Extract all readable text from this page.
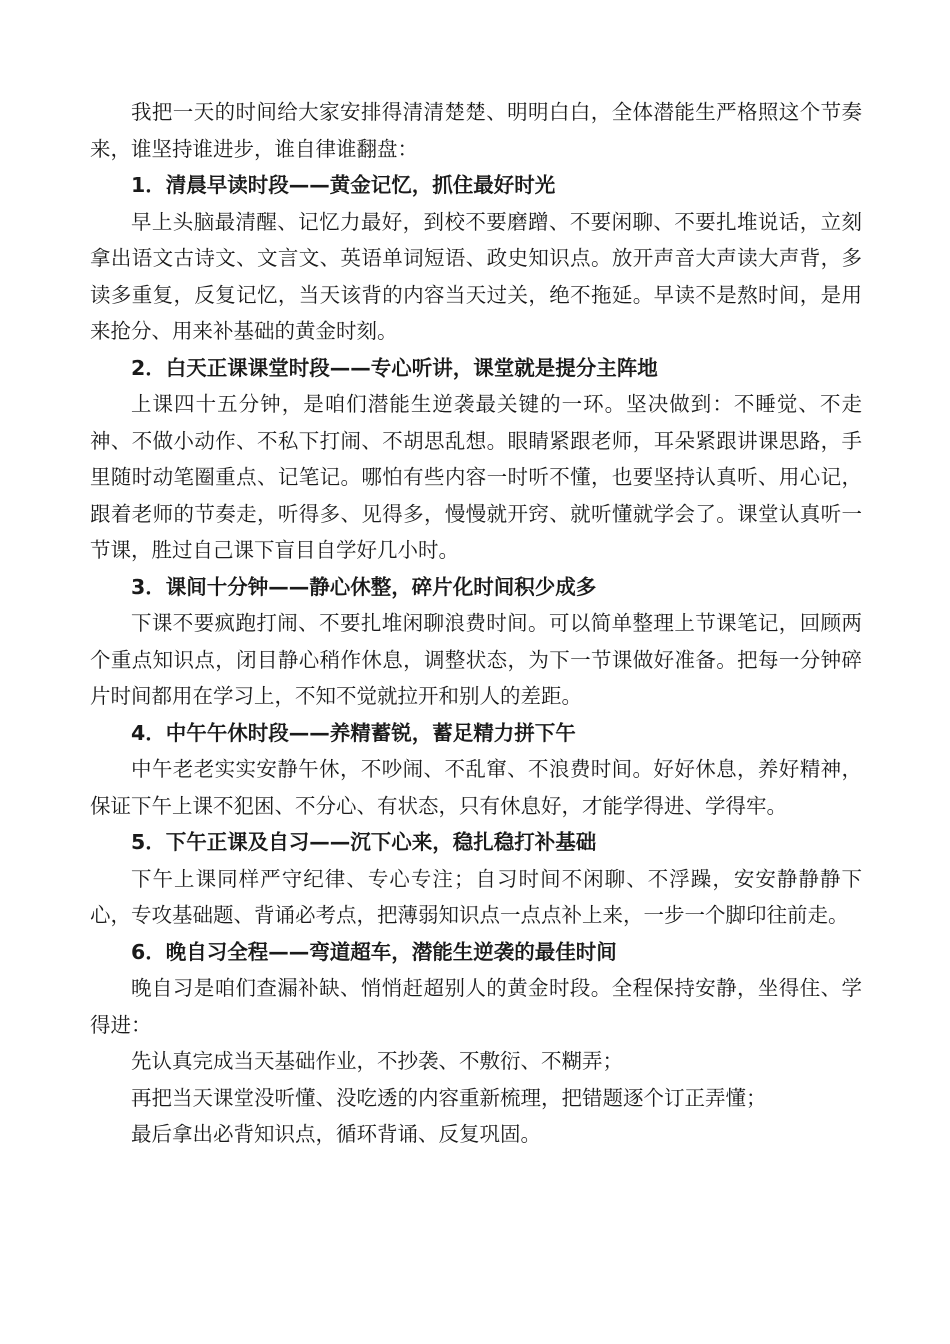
我把一天的时间给大家安排得清清楚楚、明明白白，全体潜能生严格照这个节奏来，谁坚持谁进步，谁自律谁翻盘：

1．清晨早读时段——黄金记忆，抓住最好时光

早上头脑最清醒、记忆力最好，到校不要磨蹭、不要闲聊、不要扎堆说话，立刻拿出语文古诗文、文言文、英语单词短语、政史知识点。放开声音大声读大声背，多读多重复，反复记忆，当天该背的内容当天过关，绝不拖延。早读不是熬时间，是用来抢分、用来补基础的黄金时刻。

2．白天正课课堂时段——专心听讲，课堂就是提分主阵地

上课四十五分钟，是咱们潜能生逆袭最关键的一环。坚决做到：不睡觉、不走神、不做小动作、不私下打闹、不胡思乱想。眼睛紧跟老师，耳朵紧跟讲课思路，手里随时动笔圈重点、记笔记。哪怕有些内容一时听不懂，也要坚持认真听、用心记，跟着老师的节奏走，听得多、见得多，慢慢就开窍、就听懂就学会了。课堂认真听一节课，胜过自己课下盲目自学好几小时。

3．课间十分钟——静心休整，碎片化时间积少成多

下课不要疯跑打闹、不要扎堆闲聊浪费时间。可以简单整理上节课笔记，回顾两个重点知识点，闭目静心稍作休息，调整状态，为下一节课做好准备。把每一分钟碎片时间都用在学习上，不知不觉就拉开和别人的差距。

4．中午午休时段——养精蓄锐，蓄足精力拼下午

中午老老实实安静午休，不吵闹、不乱窜、不浪费时间。好好休息，养好精神，保证下午上课不犯困、不分心、有状态，只有休息好，才能学得进、学得牢。

5．下午正课及自习——沉下心来，稳扎稳打补基础

下午上课同样严守纪律、专心专注；自习时间不闲聊、不浮躁，安安静静静下心，专攻基础题、背诵必考点，把薄弱知识点一点点补上来，一步一个脚印往前走。

6．晚自习全程——弯道超车，潜能生逆袭的最佳时间

晚自习是咱们查漏补缺、悄悄赶超别人的黄金时段。全程保持安静，坐得住、学得进：

先认真完成当天基础作业，不抄袭、不敷衍、不糊弄；

再把当天课堂没听懂、没吃透的内容重新梳理，把错题逐个订正弄懂；

最后拿出必背知识点，循环背诵、反复巩固。
